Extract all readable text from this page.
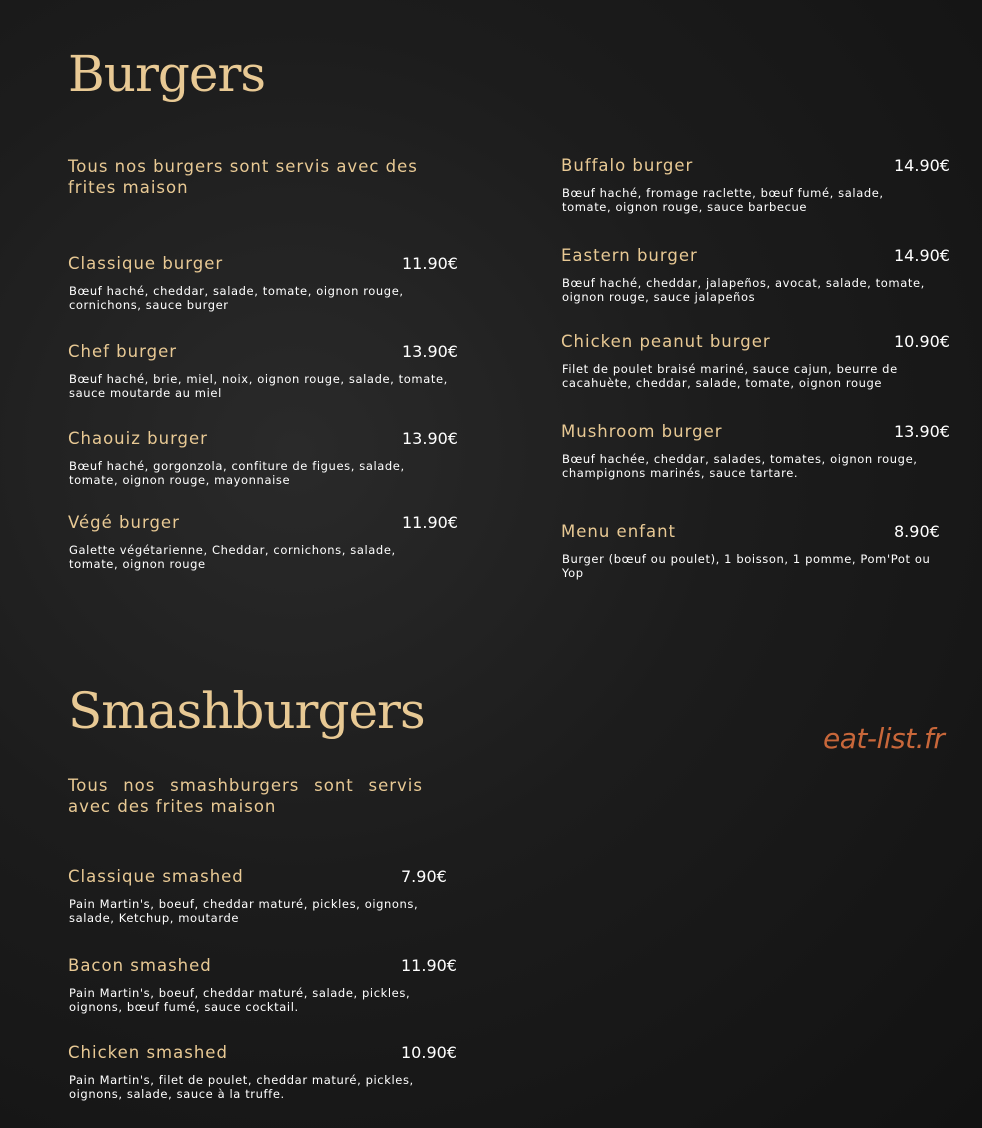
Burgers

Tous nos burgers sont servis avec des frites maison

Classique burger	11.90€
Bœuf haché, cheddar, salade, tomate, oignon rouge, cornichons, sauce burger
Chef burger	13.90€
Bœuf haché, brie, miel, noix, oignon rouge, salade, tomate, sauce moutarde au miel
Chaouiz burger	13.90€
Bœuf haché, gorgonzola, confiture de figues, salade, tomate, oignon rouge, mayonnaise
Végé burger	11.90€
Galette végétarienne, Cheddar, cornichons, salade, tomate, oignon rouge
Buffalo burger	14.90€
Bœuf haché, fromage raclette, bœuf fumé, salade, tomate, oignon rouge, sauce barbecue
Eastern burger	14.90€
Bœuf haché, cheddar, jalapeños, avocat, salade, tomate, oignon rouge, sauce jalapeños
Chicken peanut burger	10.90€
Filet de poulet braisé mariné, sauce cajun, beurre de cacahuète, cheddar, salade, tomate, oignon rouge
Mushroom burger	13.90€
Bœuf hachée, cheddar, salades, tomates, oignon rouge, champignons marinés, sauce tartare.
Menu enfant	8.90€
Burger (bœuf ou poulet), 1 boisson, 1 pomme, Pom'Pot ou Yop
Smashburgers

Tous nos smashburgers sont servis avec des frites maison

Classique smashed	7.90€
Pain Martin's, boeuf, cheddar maturé, pickles, oignons, salade, Ketchup, moutarde
Bacon smashed	11.90€
Pain Martin's, boeuf, cheddar maturé, salade, pickles, oignons, bœuf fumé, sauce cocktail.
Chicken smashed	10.90€
Pain Martin's, filet de poulet, cheddar maturé, pickles, oignons, salade, sauce à la truffe.
eat-list.fr
